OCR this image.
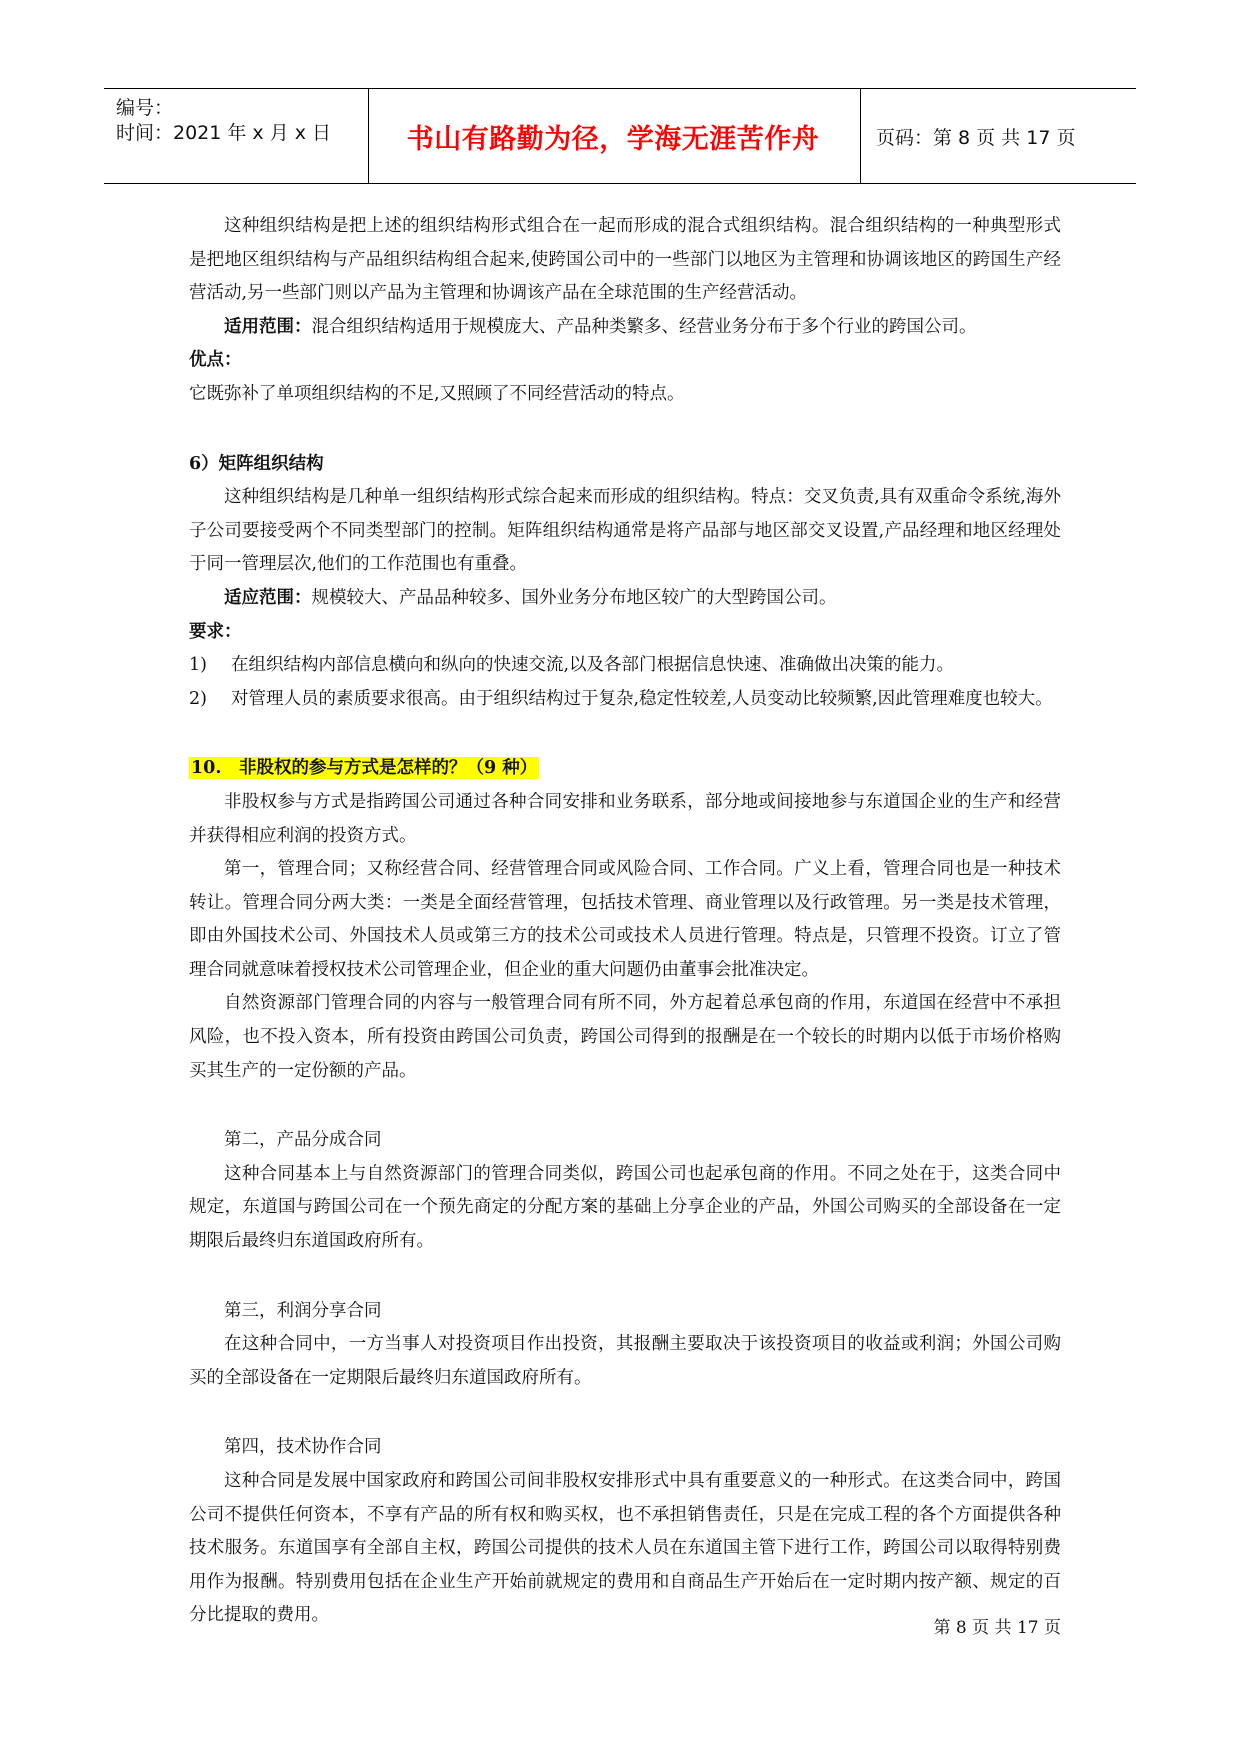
编号：
时间：2021 年 x 月 x 日	书山有路勤为径，学海无涯苦作舟	页码：第 8 页 共 17 页

这种组织结构是把上述的组织结构形式组合在一起而形成的混合式组织结构。混合组织结构的一种典型形式是把地区组织结构与产品组织结构组合起来,使跨国公司中的一些部门以地区为主管理和协调该地区的跨国生产经营活动,另一些部门则以产品为主管理和协调该产品在全球范围的生产经营活动。

适用范围：混合组织结构适用于规模庞大、产品种类繁多、经营业务分布于多个行业的跨国公司。

优点：

它既弥补了单项组织结构的不足,又照顾了不同经营活动的特点。

6）矩阵组织结构

这种组织结构是几种单一组织结构形式综合起来而形成的组织结构。特点：交叉负责,具有双重命令系统,海外子公司要接受两个不同类型部门的控制。矩阵组织结构通常是将产品部与地区部交叉设置,产品经理和地区经理处于同一管理层次,他们的工作范围也有重叠。

适应范围：规模较大、产品品种较多、国外业务分布地区较广的大型跨国公司。

要求：

1)	在组织结构内部信息横向和纵向的快速交流,以及各部门根据信息快速、准确做出决策的能力。
2)	对管理人员的素质要求很高。由于组织结构过于复杂,稳定性较差,人员变动比较频繁,因此管理难度也较大。

10.　非股权的参与方式是怎样的？（9 种）

非股权参与方式是指跨国公司通过各种合同安排和业务联系，部分地或间接地参与东道国企业的生产和经营并获得相应利润的投资方式。

第一，管理合同；又称经营合同、经营管理合同或风险合同、工作合同。广义上看，管理合同也是一种技术转让。管理合同分两大类：一类是全面经营管理，包括技术管理、商业管理以及行政管理。另一类是技术管理，即由外国技术公司、外国技术人员或第三方的技术公司或技术人员进行管理。特点是，只管理不投资。订立了管理合同就意味着授权技术公司管理企业，但企业的重大问题仍由董事会批准决定。

自然资源部门管理合同的内容与一般管理合同有所不同，外方起着总承包商的作用，东道国在经营中不承担风险，也不投入资本，所有投资由跨国公司负责，跨国公司得到的报酬是在一个较长的时期内以低于市场价格购买其生产的一定份额的产品。

第二，产品分成合同

这种合同基本上与自然资源部门的管理合同类似，跨国公司也起承包商的作用。不同之处在于，这类合同中规定，东道国与跨国公司在一个预先商定的分配方案的基础上分享企业的产品，外国公司购买的全部设备在一定期限后最终归东道国政府所有。

第三，利润分享合同

在这种合同中，一方当事人对投资项目作出投资，其报酬主要取决于该投资项目的收益或利润；外国公司购买的全部设备在一定期限后最终归东道国政府所有。

第四，技术协作合同

这种合同是发展中国家政府和跨国公司间非股权安排形式中具有重要意义的一种形式。在这类合同中，跨国公司不提供任何资本，不享有产品的所有权和购买权，也不承担销售责任，只是在完成工程的各个方面提供各种技术服务。东道国享有全部自主权，跨国公司提供的技术人员在东道国主管下进行工作，跨国公司以取得特别费用作为报酬。特别费用包括在企业生产开始前就规定的费用和自商品生产开始后在一定时期内按产额、规定的百分比提取的费用。

第 8 页 共 17 页
